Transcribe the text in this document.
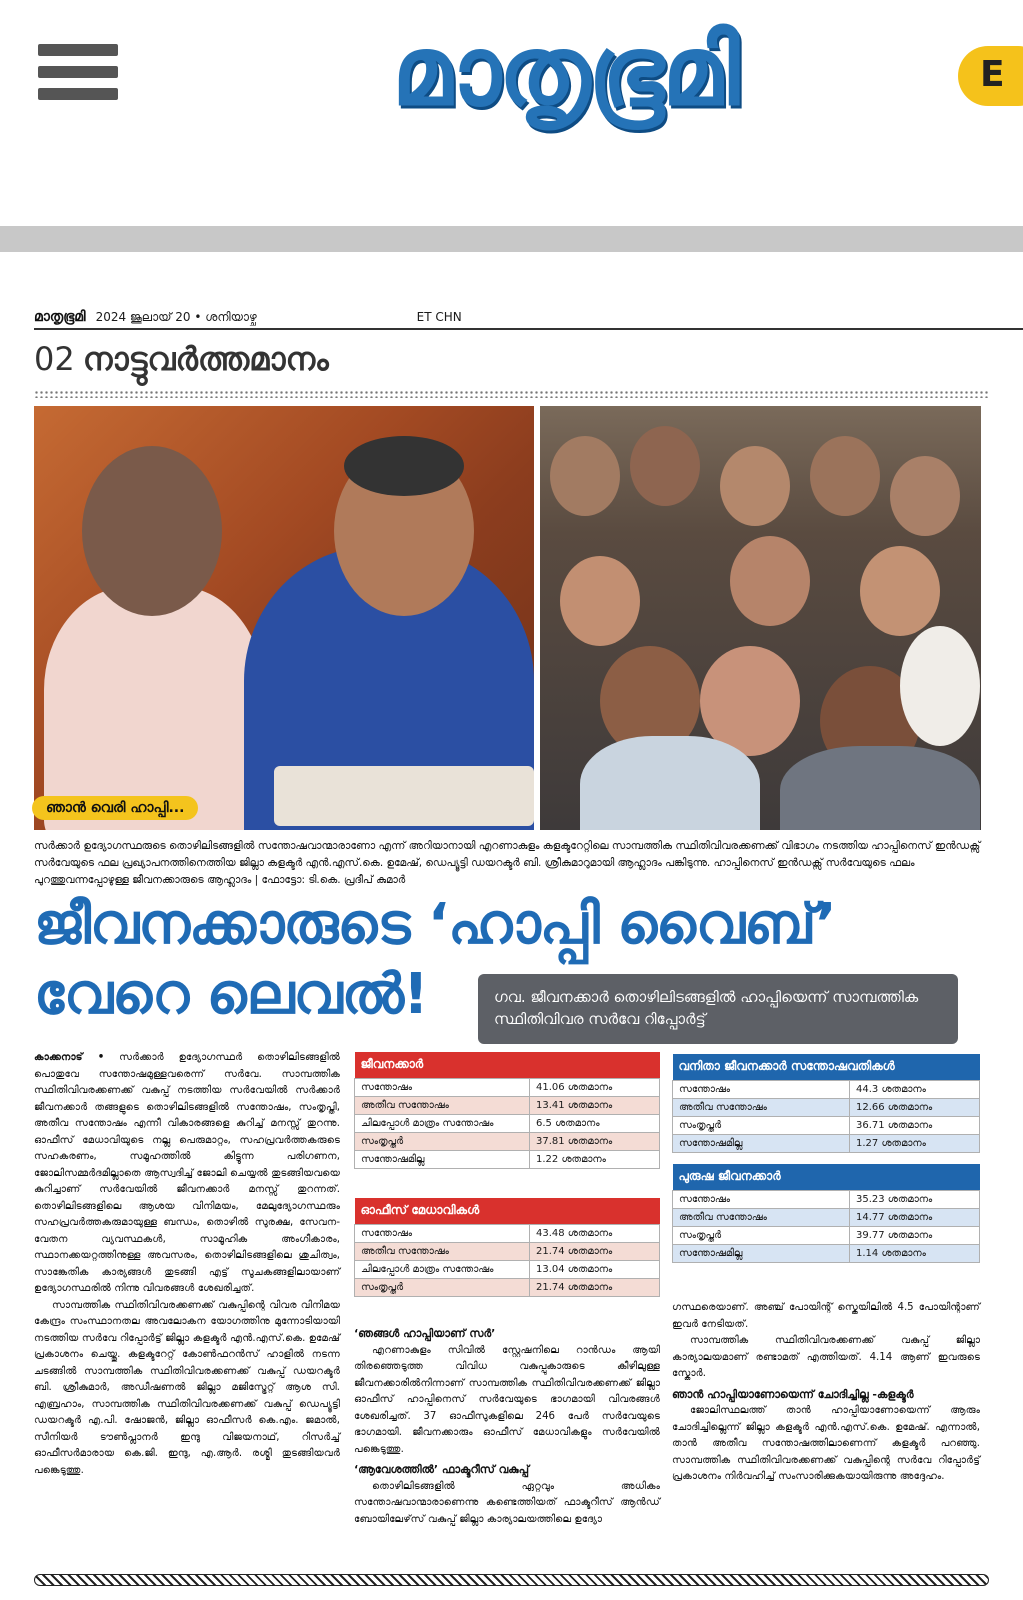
മാതൃഭൂമി	E
മാതൃഭൂമി 2024 ജൂലായ് 20 • ശനിയാഴ്ച	ET CHN
02 നാട്ടുവർത്തമാനം
ഞാൻ വെരി ഹാപ്പി...
സർക്കാർ ഉദ്യോഗസ്ഥരുടെ തൊഴിലിടങ്ങളിൽ സന്തോഷവാന്മാരാണോ എന്ന് അറിയാനായി എറണാകുളം കളക്ടറേറ്റിലെ സാമ്പത്തിക സ്ഥിതിവിവരക്കണക്ക് വിഭാഗം നടത്തിയ ഹാപ്പിനെസ് ഇൻഡക്സ് സർവേയുടെ ഫല പ്രഖ്യാപനത്തിനെത്തിയ ജില്ലാ കളക്ടർ എൻ.എസ്.കെ. ഉമേഷ്, ഡെപ്യൂട്ടി ഡയറക്ടർ ബി. ശ്രീകുമാറുമായി ആഹ്ലാദം പങ്കിടുന്നു. ഹാപ്പിനെസ് ഇൻഡക്സ് സർവേയുടെ ഫലം പുറത്തുവന്നപ്പോഴുള്ള ജീവനക്കാരുടെ ആഹ്ലാദം | ഫോട്ടോ: ടി.കെ. പ്രദീപ് കുമാർ
ജീവനക്കാരുടെ ‘ഹാപ്പി വൈബ്’
വേറെ ലെവൽ!	ഗവ. ജീവനക്കാർ തൊഴിലിടങ്ങളിൽ ഹാപ്പിയെന്ന് സാമ്പത്തിക സ്ഥിതിവിവര സർവേ റിപ്പോർട്ട്

കാക്കനാട് • സർക്കാർ ഉദ്യോഗസ്ഥർ തൊഴിലിടങ്ങളിൽ പൊതുവേ സന്തോഷമുള്ളവരെന്ന് സർവേ. സാമ്പത്തിക സ്ഥിതിവിവരക്കണക്ക് വകുപ്പ് നടത്തിയ സർവേയിൽ സർക്കാർ ജീവനക്കാർ തങ്ങളുടെ തൊഴിലിടങ്ങളിൽ സന്തോഷം, സംതൃപ്തി, അതീവ സന്തോഷം എന്നീ വികാരങ്ങളെ കുറിച്ച് മനസ്സ് തുറന്നു. ഓഫീസ് മേധാവിയുടെ നല്ല പെരുമാറ്റം, സഹപ്രവർത്തകരുടെ സഹകരണം, സമൂഹത്തിൽ കിട്ടുന്ന പരിഗണന, ജോലിസമ്മർദമില്ലാതെ ആസ്വദിച്ച് ജോലി ചെയ്യൽ തുടങ്ങിയവയെ കുറിച്ചാണ് സർവേയിൽ ജീവനക്കാർ മനസ്സ് തുറന്നത്. തൊഴിലിടങ്ങളിലെ ആശയ വിനിമയം, മേലുദ്യോഗസ്ഥരും സഹപ്രവർത്തകരുമായുള്ള ബന്ധം, തൊഴിൽ സുരക്ഷ, സേവന-വേതന വ്യവസ്ഥകൾ, സാമൂഹിക അംഗീകാരം, സ്ഥാനക്കയറ്റത്തിനുള്ള അവസരം, തൊഴിലിടങ്ങളിലെ ശുചിത്വം, സാങ്കേതിക കാര്യങ്ങൾ തുടങ്ങി എട്ട് സൂചകങ്ങളിലായാണ് ഉദ്യോഗസ്ഥരിൽ നിന്നു വിവരങ്ങൾ ശേഖരിച്ചത്.

സാമ്പത്തിക സ്ഥിതിവിവരക്കണക്ക് വകുപ്പിന്റെ വിവര വിനിമയ കേന്ദ്രം സംസ്ഥാനതല അവലോകന യോഗത്തിനു മുന്നോടിയായി നടത്തിയ സർവേ റിപ്പോർട്ട് ജില്ലാ കളക്ടർ എൻ.എസ്.കെ. ഉമേഷ് പ്രകാശനം ചെയ്തു. കളക്ടറേറ്റ് കോൺഫറൻസ് ഹാളിൽ നടന്ന ചടങ്ങിൽ സാമ്പത്തിക സ്ഥിതിവിവരക്കണക്ക് വകുപ്പ് ഡയറക്ടർ ബി. ശ്രീകുമാർ, അഡീഷണൽ ജില്ലാ മജിസ്ട്രേറ്റ് ആശ സി. എബ്രഹാം, സാമ്പത്തിക സ്ഥിതിവിവരക്കണക്ക് വകുപ്പ് ഡെപ്യൂട്ടി ഡയറക്ടർ എ.പി. ഷോജൻ, ജില്ലാ ഓഫീസർ കെ.എം. ജമാൽ, സീനിയർ ടൗൺപ്ലാനർ ഇന്ദു വിജയനാഥ്, റിസർച്ച് ഓഫീസർമാരായ കെ.ജി. ഇന്ദു, എ.ആർ. രശ്മി തുടങ്ങിയവർ പങ്കെടുത്തു.

ജീവനക്കാർ	
സന്തോഷം	41.06 ശതമാനം
അതീവ സന്തോഷം	13.41 ശതമാനം
ചിലപ്പോൾ മാത്രം സന്തോഷം	6.5 ശതമാനം
സംതൃപ്തർ	37.81 ശതമാനം
സന്തോഷമില്ല	1.22 ശതമാനം
ഓഫീസ് മേധാവികൾ	
സന്തോഷം	43.48 ശതമാനം
അതീവ സന്തോഷം	21.74 ശതമാനം
ചിലപ്പോൾ മാത്രം സന്തോഷം	13.04 ശതമാനം
സംതൃപ്തർ	21.74 ശതമാനം
വനിതാ ജീവനക്കാർ സന്തോഷവതികൾ	
സന്തോഷം	44.3 ശതമാനം
അതീവ സന്തോഷം	12.66 ശതമാനം
സംതൃപ്തർ	36.71 ശതമാനം
സന്തോഷമില്ല	1.27 ശതമാനം
പുരുഷ ജീവനക്കാർ	
സന്തോഷം	35.23 ശതമാനം
അതീവ സന്തോഷം	14.77 ശതമാനം
സംതൃപ്തർ	39.77 ശതമാനം
സന്തോഷമില്ല	1.14 ശതമാനം
‘ഞങ്ങൾ ഹാപ്പിയാണ് സർ’

എറണാകുളം സിവിൽ സ്റ്റേഷനിലെ റാൻഡം ആയി തിരഞ്ഞെടുത്ത വിവിധ വകുപ്പുകാരുടെ കീഴിലുള്ള ജീവനക്കാരിൽനിന്നാണ് സാമ്പത്തിക സ്ഥിതിവിവരക്കണക്ക് ജില്ലാ ഓഫീസ് ഹാപ്പിനെസ് സർവേയുടെ ഭാഗമായി വിവരങ്ങൾ ശേഖരിച്ചത്. 37 ഓഫീസുകളിലെ 246 പേർ സർവേയുടെ ഭാഗമായി. ജീവനക്കാരും ഓഫീസ് മേധാവികളും സർവേയിൽ പങ്കെടുത്തു.

‘ആവേശത്തിൽ’ ഫാക്ടറീസ് വകുപ്പ്

തൊഴിലിടങ്ങളിൽ ഏറ്റവും അധികം സന്തോഷവാന്മാരാണെന്നു കണ്ടെത്തിയത് ഫാക്ടറീസ് ആൻഡ് ബോയിലേഴ്‌സ് വകുപ്പ് ജില്ലാ കാര്യാലയത്തിലെ ഉദ്യോ

ഗസ്ഥരെയാണ്. അഞ്ച് പോയിന്റ് സ്കെയിലിൽ 4.5 പോയിന്റാണ് ഇവർ നേടിയത്.

സാമ്പത്തിക സ്ഥിതിവിവരക്കണക്ക് വകുപ്പ് ജില്ലാ കാര്യാലയമാണ് രണ്ടാമത് എത്തിയത്. 4.14 ആണ് ഇവരുടെ സ്കോർ.

ഞാൻ ഹാപ്പിയാണോയെന്ന് ചോദിച്ചില്ല -കളക്ടർ

ജോലിസ്ഥലത്ത് താൻ ഹാപ്പിയാണോയെന്ന് ആരും ചോദിച്ചില്ലെന്ന് ജില്ലാ കളക്ടർ എൻ.എസ്.കെ. ഉമേഷ്. എന്നാൽ, താൻ അതീവ സന്തോഷത്തിലാണെന്ന് കളക്ടർ പറഞ്ഞു. സാമ്പത്തിക സ്ഥിതിവിവരക്കണക്ക് വകുപ്പിന്റെ സർവേ റിപ്പോർട്ട് പ്രകാശനം നിർവഹിച്ച് സംസാരിക്കുകയായിരുന്നു അദ്ദേഹം.
